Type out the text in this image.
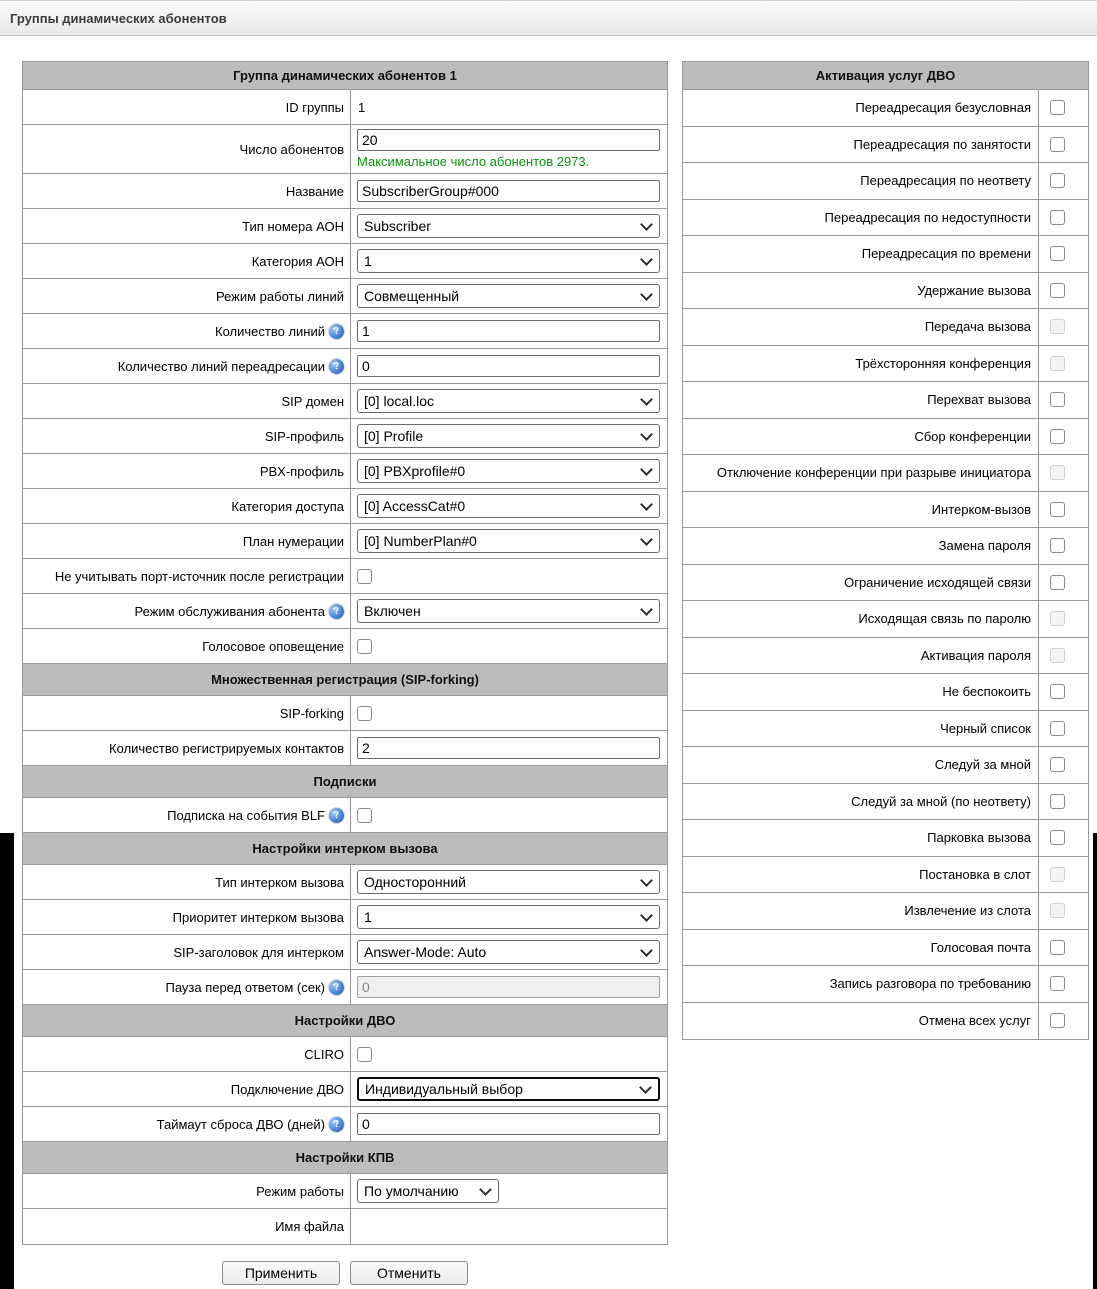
Группы динамических абонентов
Группа динамических абонентов 1
ID группы 1
Число абонентов
20
Максимальное число абонентов 2973.
Название
SubscriberGroup#000
Тип номера АОН Subscriber
Категория АОН 1
Режим работы линий Совмещенный
Количество линий ?
1
Количество линий переадресации ?
0
SIP домен [0] local.loc
SIP-профиль [0] Profile
PBX-профиль [0] PBXprofile#0
Категория доступа [0] AccessCat#0
План нумерации [0] NumberPlan#0
Не учитывать порт-источник после регистрации
Режим обслуживания абонента ?	Включен
Голосовое оповещение
Множественная регистрация (SIP-forking)
SIP-forking
Количество регистрируемых контактов
2
Подписки
Подписка на события BLF ?
Настройки интерком вызова
Тип интерком вызова Односторонний
Приоритет интерком вызова 1
SIP-заголовок для интерком Answer-Mode: Auto
Пауза перед ответом (сек) ?
0
Настройки ДВО
CLIRO
Подключение ДВО Индивидуальный выбор
Таймаут сброса ДВО (дней) ?
0
Настройки КПВ
Режим работы По умолчанию
Имя файла
Активация услуг ДВО
Переадресация безусловная
Переадресация по занятости
Переадресация по неответу
Переадресация по недоступности
Переадресация по времени
Удержание вызова
Передача вызова
Трёхсторонняя конференция
Перехват вызова
Сбор конференции
Отключение конференции при разрыве инициатора
Интерком-вызов
Замена пароля
Ограничение исходящей связи
Исходящая связь по паролю
Активация пароля
Не беспокоить
Черный список
Следуй за мной
Следуй за мной (по неответу)
Парковка вызова
Постановка в слот
Извлечение из слота
Голосовая почта
Запись разговора по требованию
Отмена всех услуг
Применить	Отменить
